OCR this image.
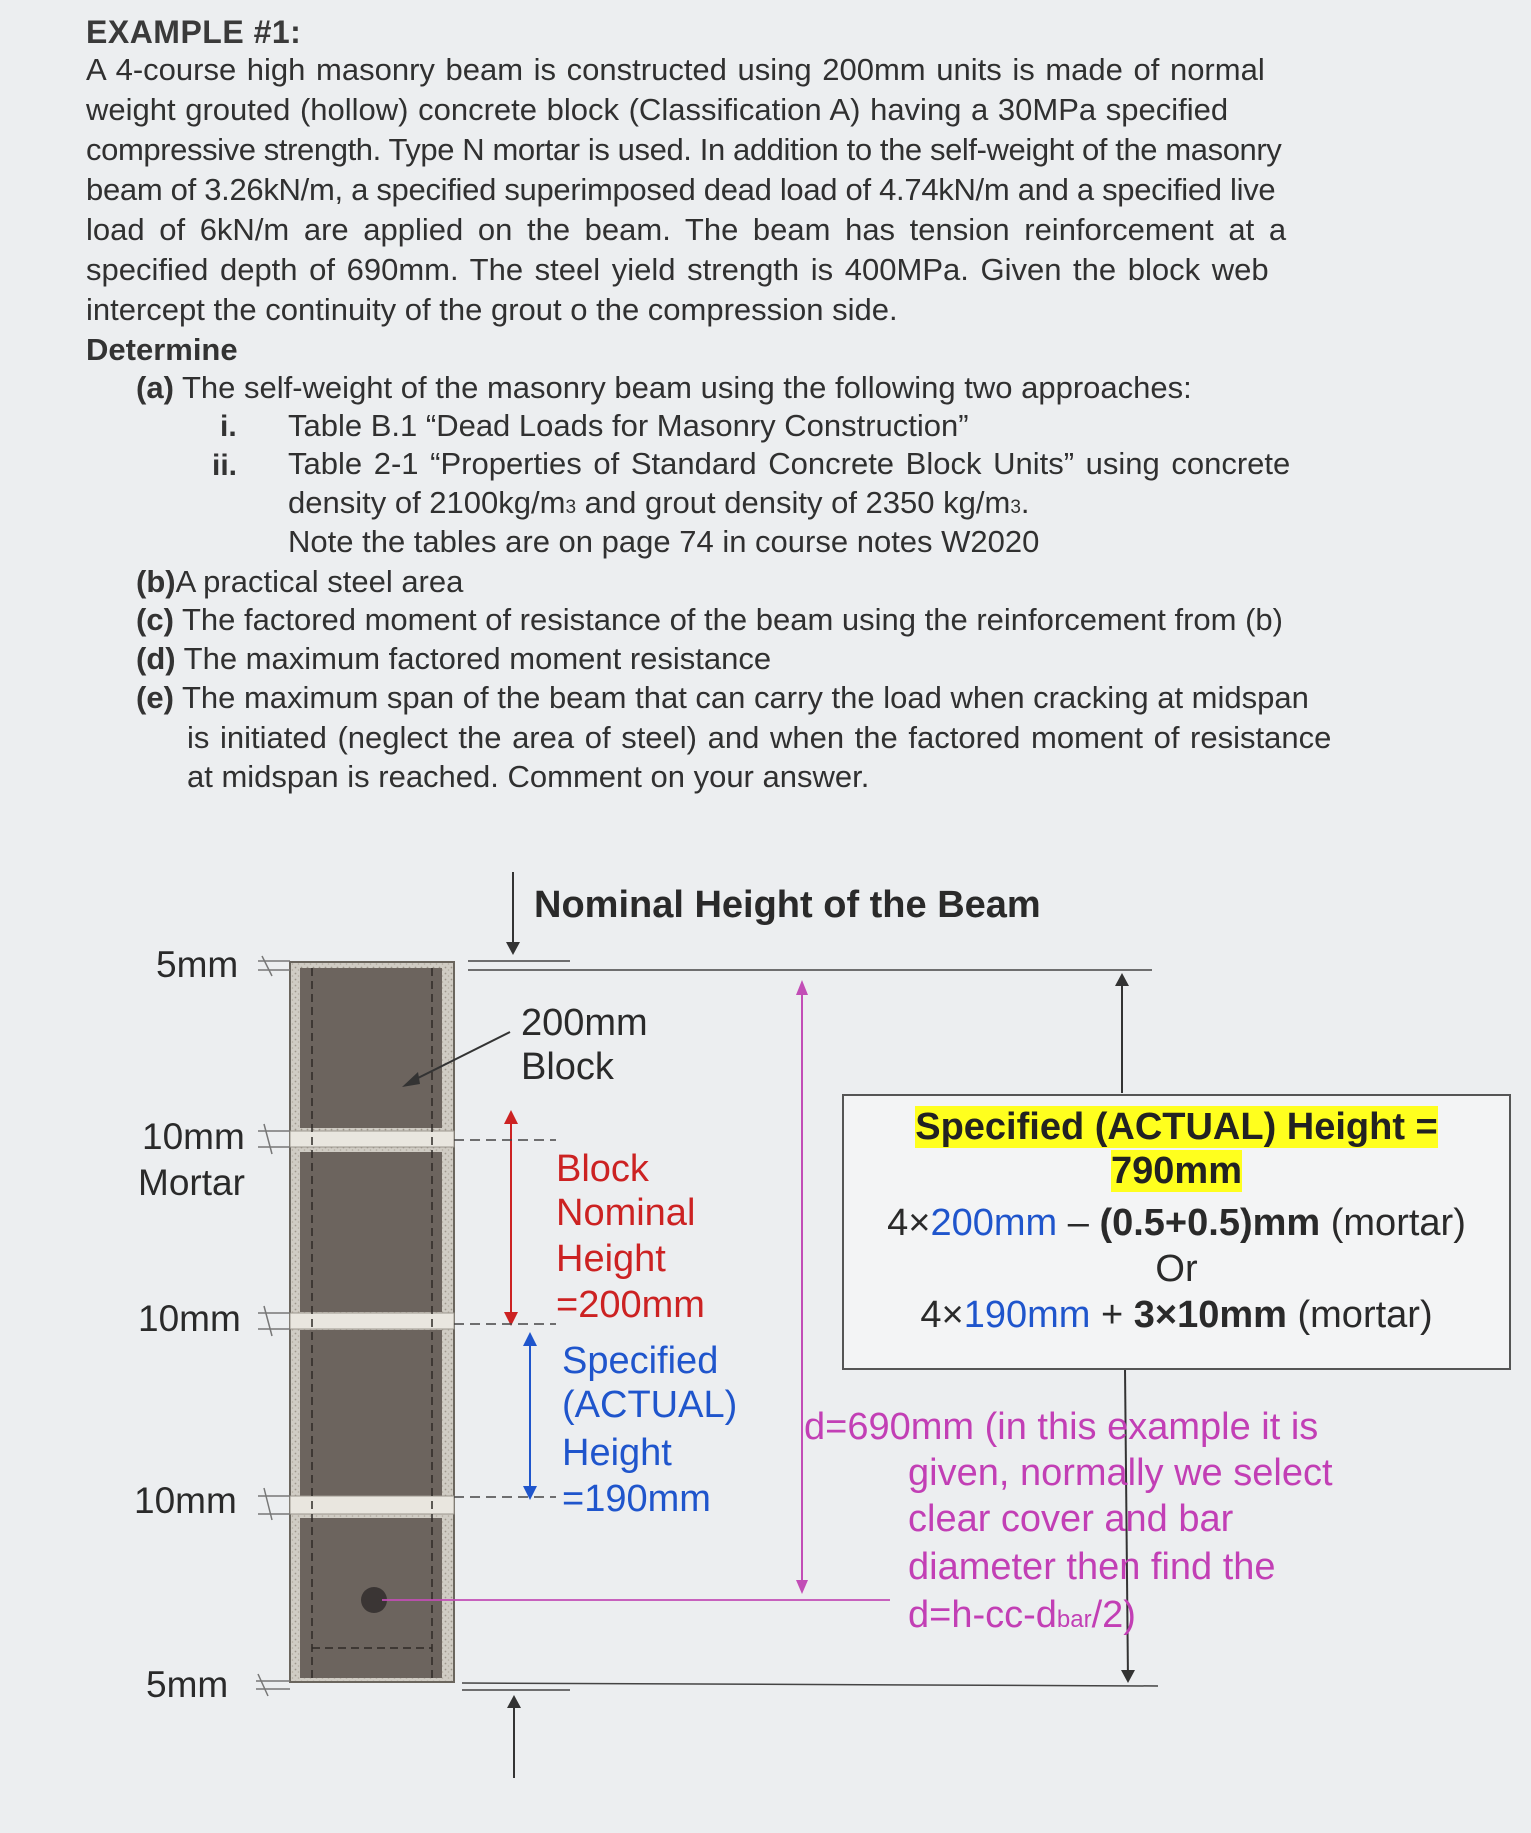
EXAMPLE #1:
A 4-course high masonry beam is constructed using 200mm units is made of normal
weight grouted (hollow) concrete block (Classification A) having a 30MPa specified
compressive strength. Type N mortar is used. In addition to the self-weight of the masonry
beam of 3.26kN/m, a specified superimposed dead load of 4.74kN/m and a specified live
load of 6kN/m are applied on the beam. The beam has tension reinforcement at a
specified depth of 690mm. The steel yield strength is 400MPa. Given the block web
intercept the continuity of the grout o the compression side.
Determine
(a) The self-weight of the masonry beam using the following two approaches:
i. Table B.1 “Dead Loads for Masonry Construction”
ii. Table 2-1 “Properties of Standard Concrete Block Units” using concrete
density of 2100kg/m3 and grout density of 2350 kg/m3.
Note the tables are on page 74 in course notes W2020
(b)A practical steel area
(c) The factored moment of resistance of the beam using the reinforcement from (b)
(d) The maximum factored moment resistance
(e) The maximum span of the beam that can carry the load when cracking at midspan
is initiated (neglect the area of steel) and when the factored moment of resistance
at midspan is reached. Comment on your answer.
Nominal Height of the Beam
5mm
10mm
Mortar
10mm
10mm
5mm
200mm
Block
Block
Nominal
Height
=200mm
Specified
(ACTUAL)
Height
=190mm
Specified (ACTUAL) Height =
790mm
4×200mm – (0.5+0.5)mm (mortar)
Or
4×190mm + 3×10mm (mortar)
d=690mm (in this example it is
given, normally we select
clear cover and bar
diameter then find the
d=h-cc-dbar/2)
